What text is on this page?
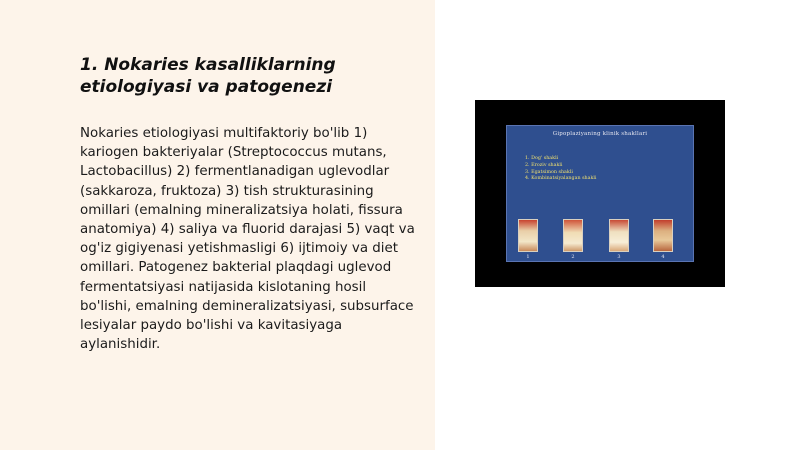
1. Nokaries kasalliklarning etiologiyasi va patogenezi
Nokaries etiologiyasi multifaktoriy bo'lib 1) kariogen bakteriyalar (Streptococcus mutans, Lactobacillus) 2) fermentlanadigan uglevodlar (sakkaroza, fruktoza) 3) tish strukturasining omillari (emalning mineralizatsiya holati, fissura anatomiya) 4) saliya va fluorid darajasi 5) vaqt va og'iz gigiyenasi yetishmasligi 6) ijtimoiy va diet omillari. Patogenez bakterial plaqdagi uglevod fermentatsiyasi natijasida kislotaning hosil bo'lishi, emalning demineralizatsiyasi, subsurface lesiyalar paydo bo'lishi va kavitasiyaga aylanishidir.
Gipoplaziyaning klinik shakllari
1. Dog' shakli
2. Eroziv shakli
3. Egatsimon shakli
4. Kombinatsiyalangan shakli
1	2	3	4
